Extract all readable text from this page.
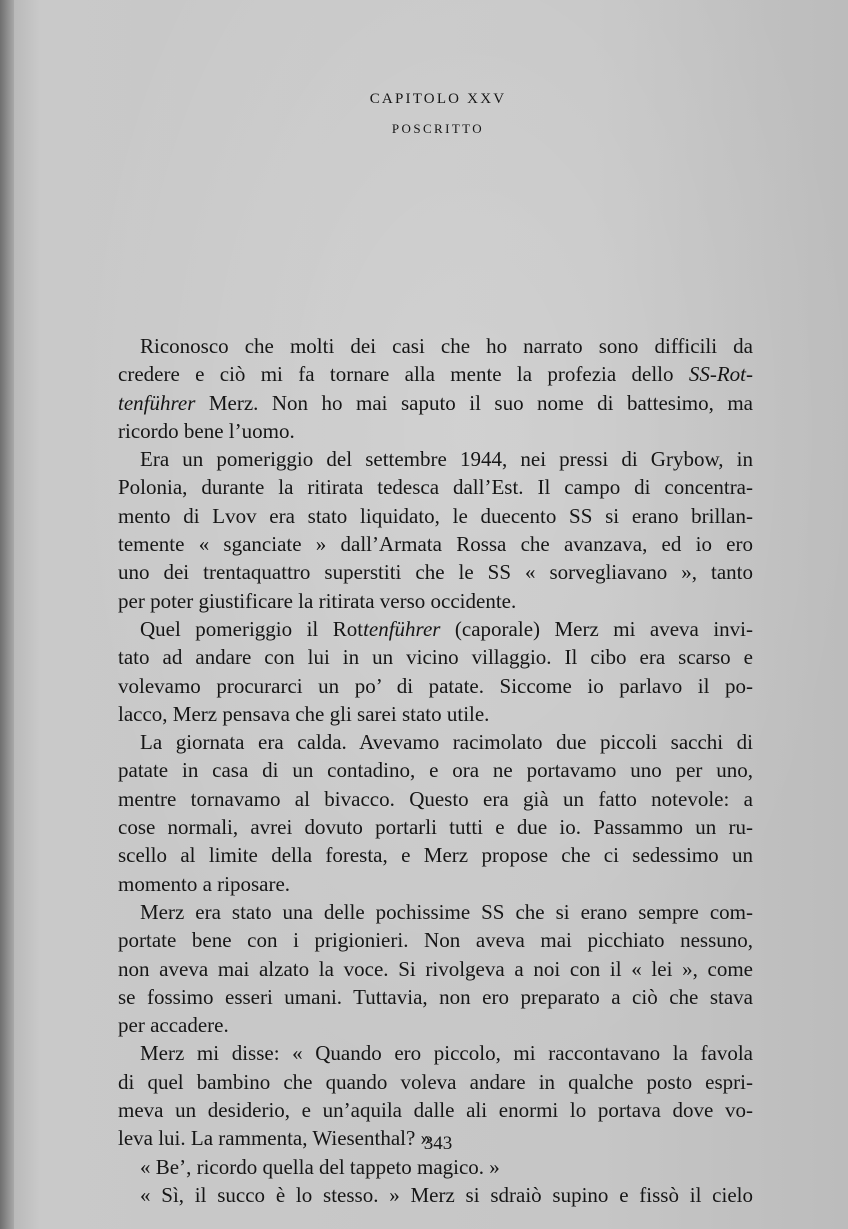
CAPITOLO XXV
POSCRITTO
Riconosco che molti dei casi che ho narrato sono difficili da
credere e ciò mi fa tornare alla mente la profezia dello SS-Rot-
tenführer Merz. Non ho mai saputo il suo nome di battesimo, ma
ricordo bene l’uomo.
Era un pomeriggio del settembre 1944, nei pressi di Grybow, in
Polonia, durante la ritirata tedesca dall’Est. Il campo di concentra-
mento di Lvov era stato liquidato, le duecento SS si erano brillan-
temente « sganciate » dall’Armata Rossa che avanzava, ed io ero
uno dei trentaquattro superstiti che le SS « sorvegliavano », tanto
per poter giustificare la ritirata verso occidente.
Quel pomeriggio il Rottenführer (caporale) Merz mi aveva invi-
tato ad andare con lui in un vicino villaggio. Il cibo era scarso e
volevamo procurarci un po’ di patate. Siccome io parlavo il po-
lacco, Merz pensava che gli sarei stato utile.
La giornata era calda. Avevamo racimolato due piccoli sacchi di
patate in casa di un contadino, e ora ne portavamo uno per uno,
mentre tornavamo al bivacco. Questo era già un fatto notevole: a
cose normali, avrei dovuto portarli tutti e due io. Passammo un ru-
scello al limite della foresta, e Merz propose che ci sedessimo un
momento a riposare.
Merz era stato una delle pochissime SS che si erano sempre com-
portate bene con i prigionieri. Non aveva mai picchiato nessuno,
non aveva mai alzato la voce. Si rivolgeva a noi con il « lei », come
se fossimo esseri umani. Tuttavia, non ero preparato a ciò che stava
per accadere.
Merz mi disse: « Quando ero piccolo, mi raccontavano la favola
di quel bambino che quando voleva andare in qualche posto espri-
meva un desiderio, e un’aquila dalle ali enormi lo portava dove vo-
leva lui. La rammenta, Wiesenthal? »
« Be’, ricordo quella del tappeto magico. »
« Sì, il succo è lo stesso. » Merz si sdraiò supino e fissò il cielo
343
